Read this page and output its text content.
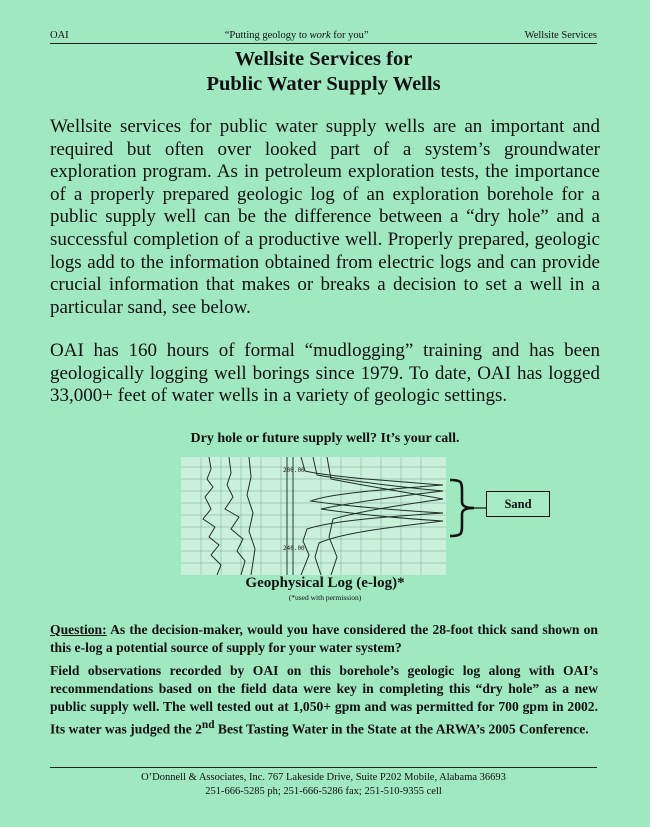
OAI	“Putting geology to work for you”	Wellsite Services
Wellsite Services for
Public Water Supply Wells

Wellsite services for public water supply wells are an important and required but often over looked part of a system’s groundwater exploration program. As in petroleum exploration tests, the importance of a properly prepared geologic log of an exploration borehole for a public supply well can be the difference between a “dry hole” and a successful completion of a productive well. Properly prepared, geologic logs add to the information obtained from electric logs and can provide crucial information that makes or breaks a decision to set a well in a particular sand, see below.

OAI has 160 hours of formal “mudlogging” training and has been geologically logging well borings since 1979. To date, OAI has logged 33,000+ feet of water wells in a variety of geologic settings.

Dry hole or future supply well? It’s your call.
200.00
240.00
Sand
Geophysical Log (e-log)*
(*used with permission)

Question: As the decision-maker, would you have considered the 28-foot thick sand shown on this e-log a potential source of supply for your water system?

Field observations recorded by OAI on this borehole’s geologic log along with OAI’s recommendations based on the field data were key in completing this “dry hole” as a new public supply well. The well tested out at 1,050+ gpm and was permitted for 700 gpm in 2002. Its water was judged the 2nd Best Tasting Water in the State at the ARWA’s 2005 Conference.

O’Donnell & Associates, Inc. 767 Lakeside Drive, Suite P202 Mobile, Alabama 36693
251-666-5285 ph; 251-666-5286 fax; 251-510-9355 cell
